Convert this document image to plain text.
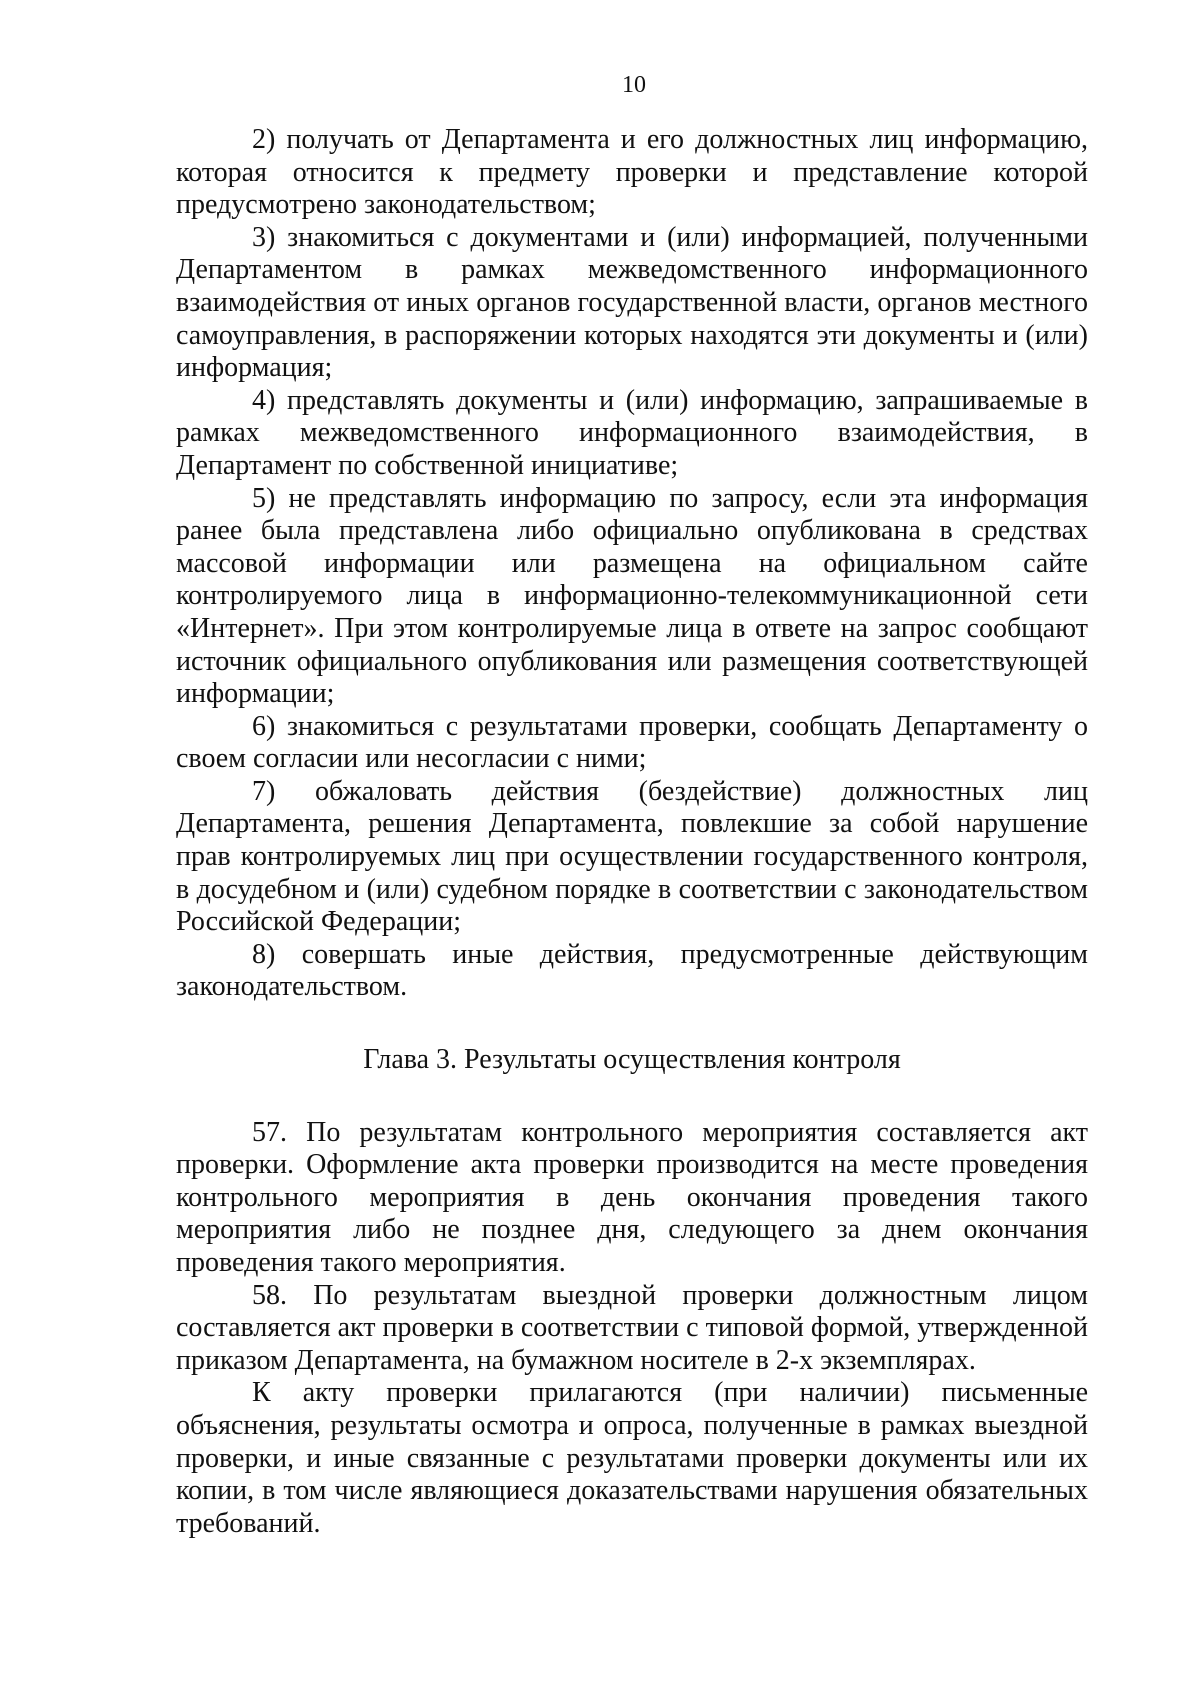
10

2) получать от Департамента и его должностных лиц информацию, которая относится к предмету проверки и представление которой предусмотрено законодательством;

3) знакомиться с документами и (или) информацией, полученными Департаментом в рамках межведомственного информационного взаимодействия от иных органов государственной власти, органов местного самоуправления, в распоряжении которых находятся эти документы и (или) информация;

4) представлять документы и (или) информацию, запрашиваемые в рамках межведомственного информационного взаимодействия, в Департамент по собственной инициативе;

5) не представлять информацию по запросу, если эта информация ранее была представлена либо официально опубликована в средствах массовой информации или размещена на официальном сайте контролируемого лица в информационно-телекоммуникационной сети «Интернет». При этом контролируемые лица в ответе на запрос сообщают источник официального опубликования или размещения соответствующей информации;

6) знакомиться с результатами проверки, сообщать Департаменту о своем согласии или несогласии с ними;

7) обжаловать действия (бездействие) должностных лиц Департамента, решения Департамента, повлекшие за собой нарушение прав контролируемых лиц при осуществлении государственного контроля, в досудебном и (или) судебном порядке в соответствии с законодательством Российской Федерации;

8) совершать иные действия, предусмотренные действующим законодательством.

Глава 3. Результаты осуществления контроля

57. По результатам контрольного мероприятия составляется акт проверки. Оформление акта проверки производится на месте проведения контрольного мероприятия в день окончания проведения такого мероприятия либо не позднее дня, следующего за днем окончания проведения такого мероприятия.

58. По результатам выездной проверки должностным лицом составляется акт проверки в соответствии с типовой формой, утвержденной приказом Департамента, на бумажном носителе в 2-х экземплярах.

К акту проверки прилагаются (при наличии) письменные объяснения, результаты осмотра и опроса, полученные в рамках выездной проверки, и иные связанные с результатами проверки документы или их копии, в том числе являющиеся доказательствами нарушения обязательных требований.
